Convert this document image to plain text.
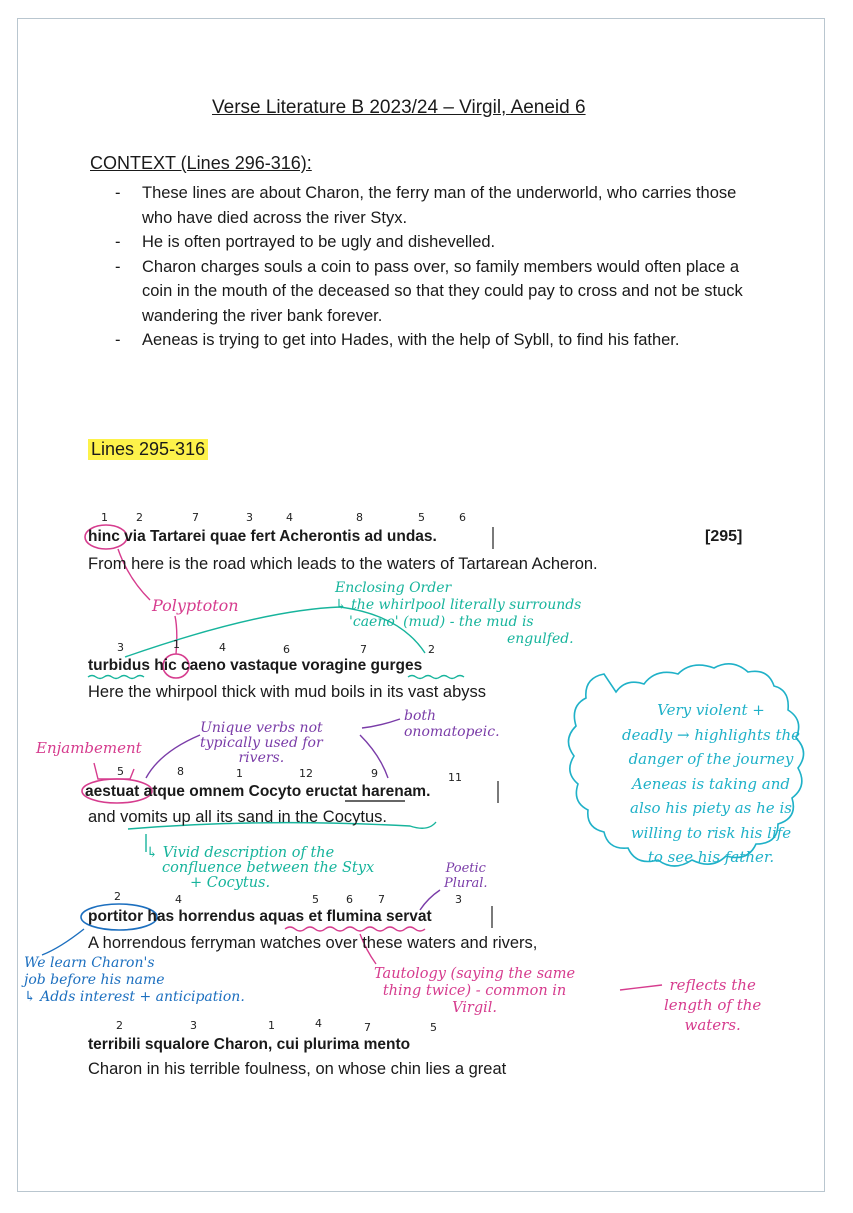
Verse Literature B 2023/24 – Virgil, Aeneid 6
CONTEXT (Lines 296-316):
- These lines are about Charon, the ferry man of the underworld, who carries those who have died across the river Styx.
- He is often portrayed to be ugly and dishevelled.
- Charon charges souls a coin to pass over, so family members would often place a coin in the mouth of the deceased so that they could pay to cross and not be stuck wandering the river bank forever.
- Aeneas is trying to get into Hades, with the help of Sybll, to find his father.
Lines 295-316
1	2	7	3	4	8	5	6
hinc via Tartarei quae fert Acherontis ad undas.	[295]
From here is the road which leads to the waters of Tartarean Acheron.
3	1	4	6	7	2
turbidus hic caeno vastaque voragine gurges
Here the whirpool thick with mud boils in its vast abyss
5	8	1	12	9	11
aestuat atque omnem Cocyto eructat harenam.
and vomits up all its sand in the Cocytus.
2	4	5 6 7	3
portitor has horrendus aquas et flumina servat
A horrendous ferryman watches over these waters and rivers,
2	3	1	4	7	5
terribili squalore Charon, cui plurima mento
Charon in his terrible foulness, on whose chin lies a great
Polyptoton
Enclosing Order
↳ the whirlpool literally surrounds
'caeno' (mud) - the mud is
engulfed.
Unique verbs not
typically used for
rivers.
both
onomatopeic.
Enjambement
Very violent +
deadly → highlights the
danger of the journey
Aeneas is taking and
also his piety as he is
willing to risk his life
to see his father.
↳ Vivid description of the
confluence between the Styx
+ Cocytus.
Poetic
Plural.
We learn Charon's
job before his name
↳ Adds interest + anticipation.
Tautology (saying the same
thing twice) - common in
Virgil.
reflects the
length of the
waters.
